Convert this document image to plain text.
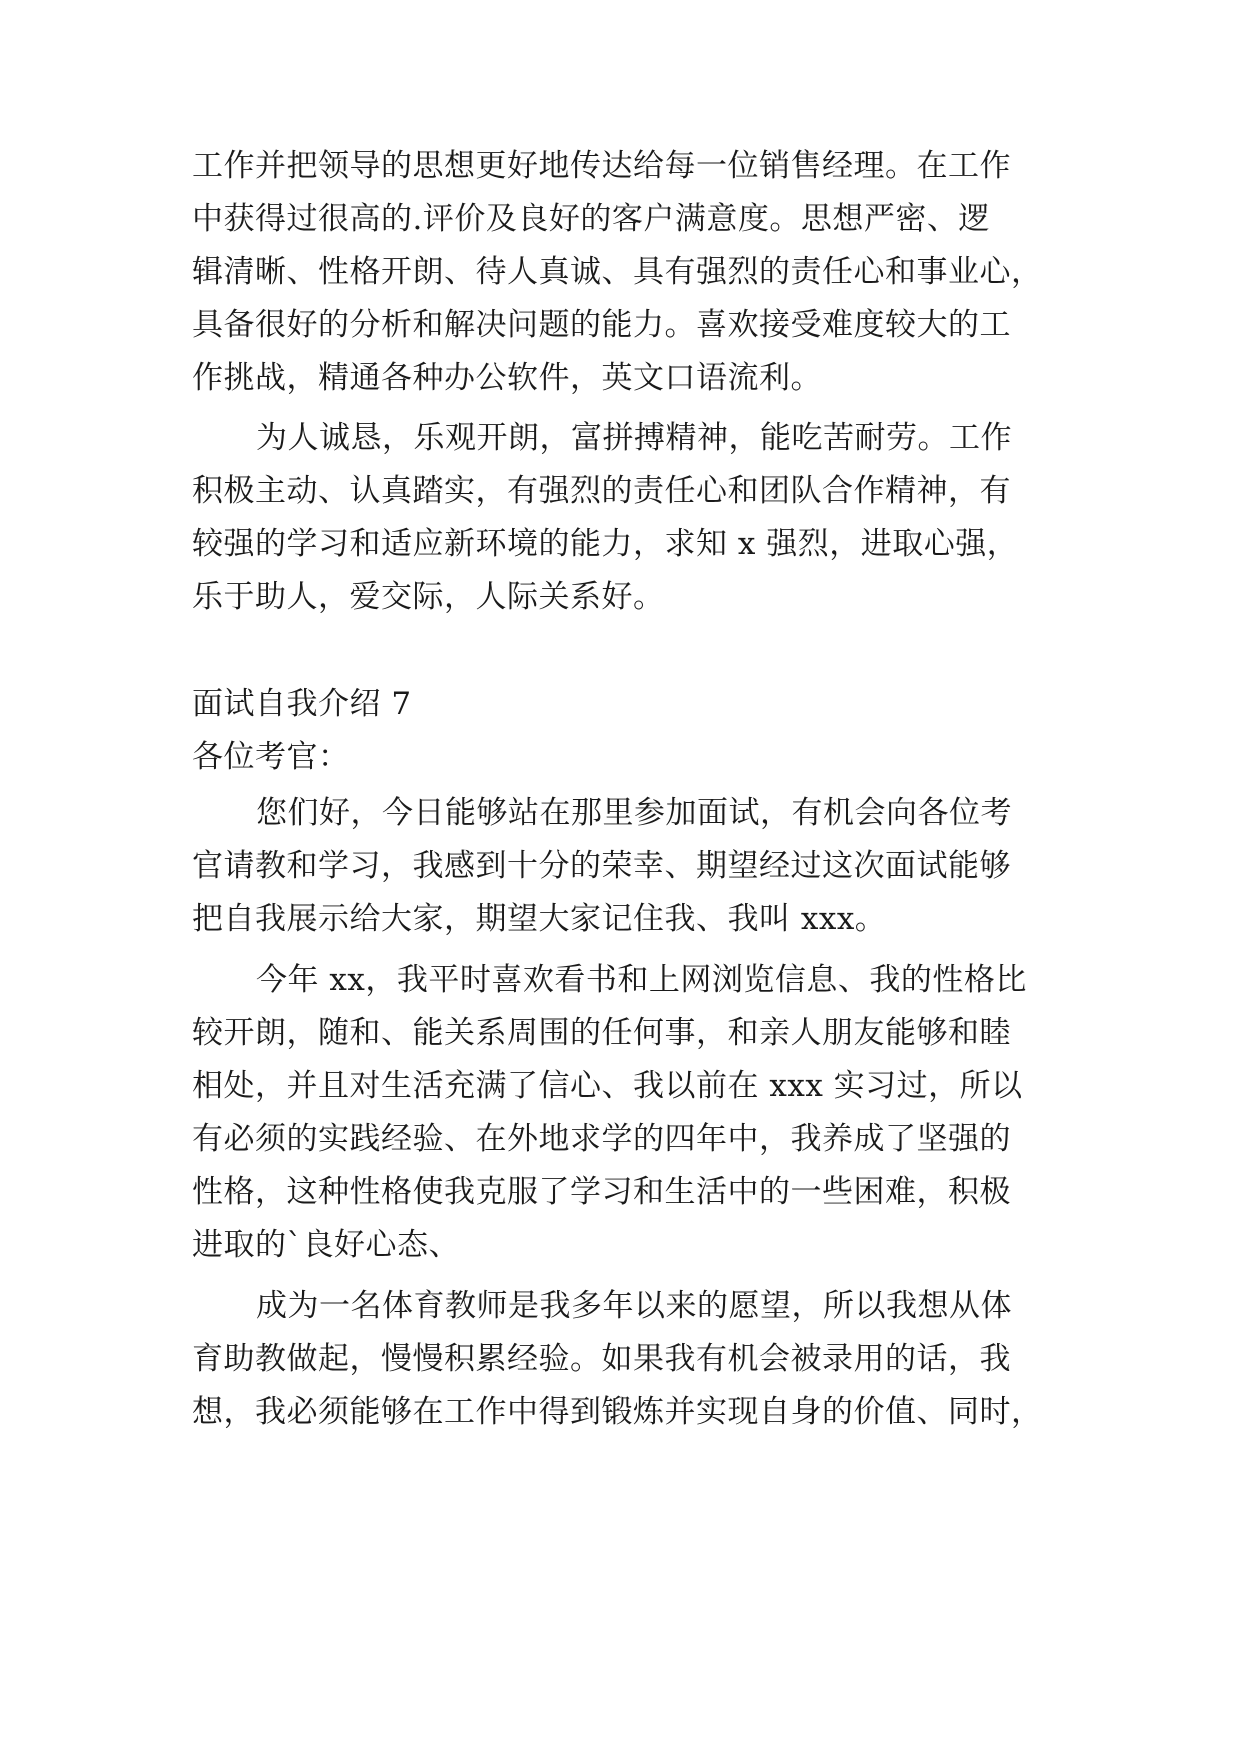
工作并把领导的思想更好地传达给每一位销售经理。在工作
中获得过很高的.评价及良好的客户满意度。思想严密、逻
辑清晰、性格开朗、待人真诚、具有强烈的责任心和事业心，
具备很好的分析和解决问题的能力。喜欢接受难度较大的工
作挑战，精通各种办公软件，英文口语流利。
为人诚恳，乐观开朗，富拼搏精神，能吃苦耐劳。工作
积极主动、认真踏实，有强烈的责任心和团队合作精神，有
较强的学习和适应新环境的能力，求知 x 强烈，进取心强，
乐于助人，爱交际，人际关系好。
面试自我介绍 7
各位考官：
您们好，今日能够站在那里参加面试，有机会向各位考
官请教和学习，我感到十分的荣幸、期望经过这次面试能够
把自我展示给大家，期望大家记住我、我叫 xxx。
今年 xx，我平时喜欢看书和上网浏览信息、我的性格比
较开朗，随和、能关系周围的任何事，和亲人朋友能够和睦
相处，并且对生活充满了信心、我以前在 xxx 实习过，所以
有必须的实践经验、在外地求学的四年中，我养成了坚强的
性格，这种性格使我克服了学习和生活中的一些困难，积极
进取的`良好心态、
成为一名体育教师是我多年以来的愿望，所以我想从体
育助教做起，慢慢积累经验。如果我有机会被录用的话，我
想，我必须能够在工作中得到锻炼并实现自身的价值、同时，
